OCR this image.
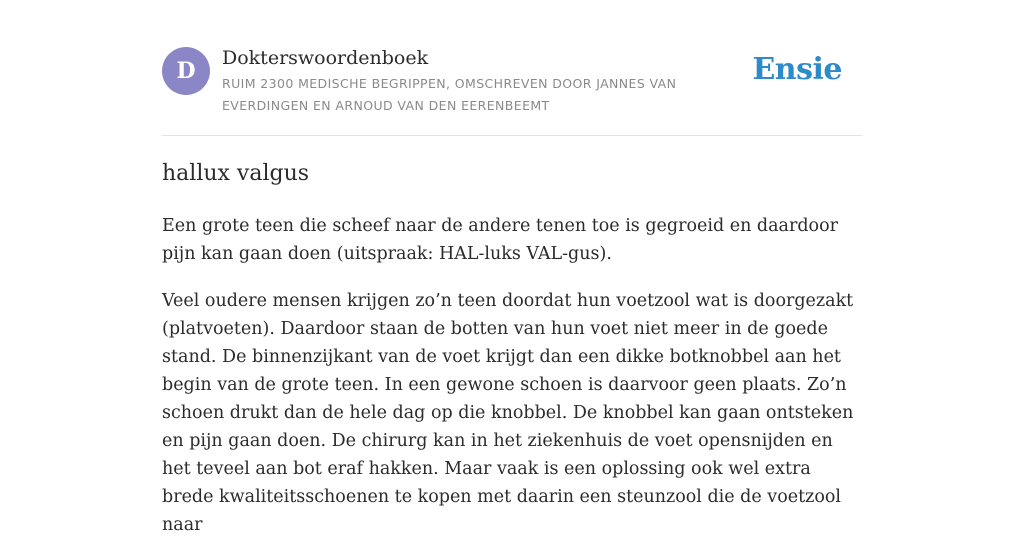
D	Dokterswoordenboek
RUIM 2300 MEDISCHE BEGRIPPEN, OMSCHREVEN DOOR JANNES VAN EVERDINGEN EN ARNOUD VAN DEN EERENBEEMT
Ensie
hallux valgus

Een grote teen die scheef naar de andere tenen toe is gegroeid en daardoor pijn kan gaan doen (uitspraak: HAL-luks VAL-gus).

Veel oudere mensen krijgen zo’n teen doordat hun voetzool wat is doorgezakt (platvoeten). Daardoor staan de botten van hun voet niet meer in de goede stand. De binnenzijkant van de voet krijgt dan een dikke botknobbel aan het begin van de grote teen. In een gewone schoen is daarvoor geen plaats. Zo’n schoen drukt dan de hele dag op die knobbel. De knobbel kan gaan ontsteken en pijn gaan doen. De chirurg kan in het ziekenhuis de voet opensnijden en het teveel aan bot eraf hakken. Maar vaak is een oplossing ook wel extra brede kwaliteitsschoenen te kopen met daarin een steunzool die de voetzool naar
